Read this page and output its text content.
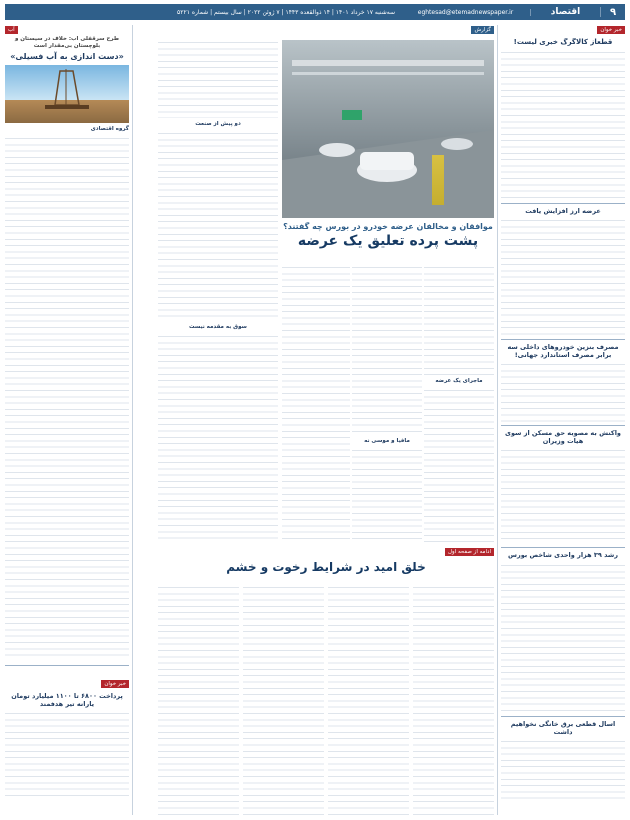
۹
اقتصاد
eghtesad@etemadnewspaper.ir
سه‌شنبه ۱۷ خرداد ۱۴۰۱ | ۱۴ ذوالقعده ۱۴۴۳ | ۷ ژوئن ۲۰۲۲ | سال بیستم | شماره ۵۲۲۱
خبر خوان
قطعاز کالاگرگ خبری لیست!
عرضه ارز افزایش یافت
مصرف بنزین خودروهای داخلی سه برابر مصرف استاندارد جهانی!
واکنش به مصوبه حق مسکن از سوی هیات وزیران
رشد ۳۹ هزار واحدی شاخص بورس
اسال قطعی برق خانگی نخواهیم داشت
گزارش
موافقان و مخالفان عرضه خودرو در بورس چه گفتند؟
پشت پرده تعلیق یک عرضه
ماجرای یک عرضه
مافیا و موسی نه
دو پیش از صنعت
سوق به مقدمه نیست
ادامه از صفحه اول
خلق امید در شرایط رخوت و خشم
آب
طرح سرقفلی آب: خلاف در سیستان و بلوچستان بی‌مقدار است
«دست اندازی به آب فسیلی»
گروه اقتصادی
خبر خوان
پرداخت ۶۸۰۰ تا ۱۱۰۰ میلیارد تومان یارانه تیر هدفمند
